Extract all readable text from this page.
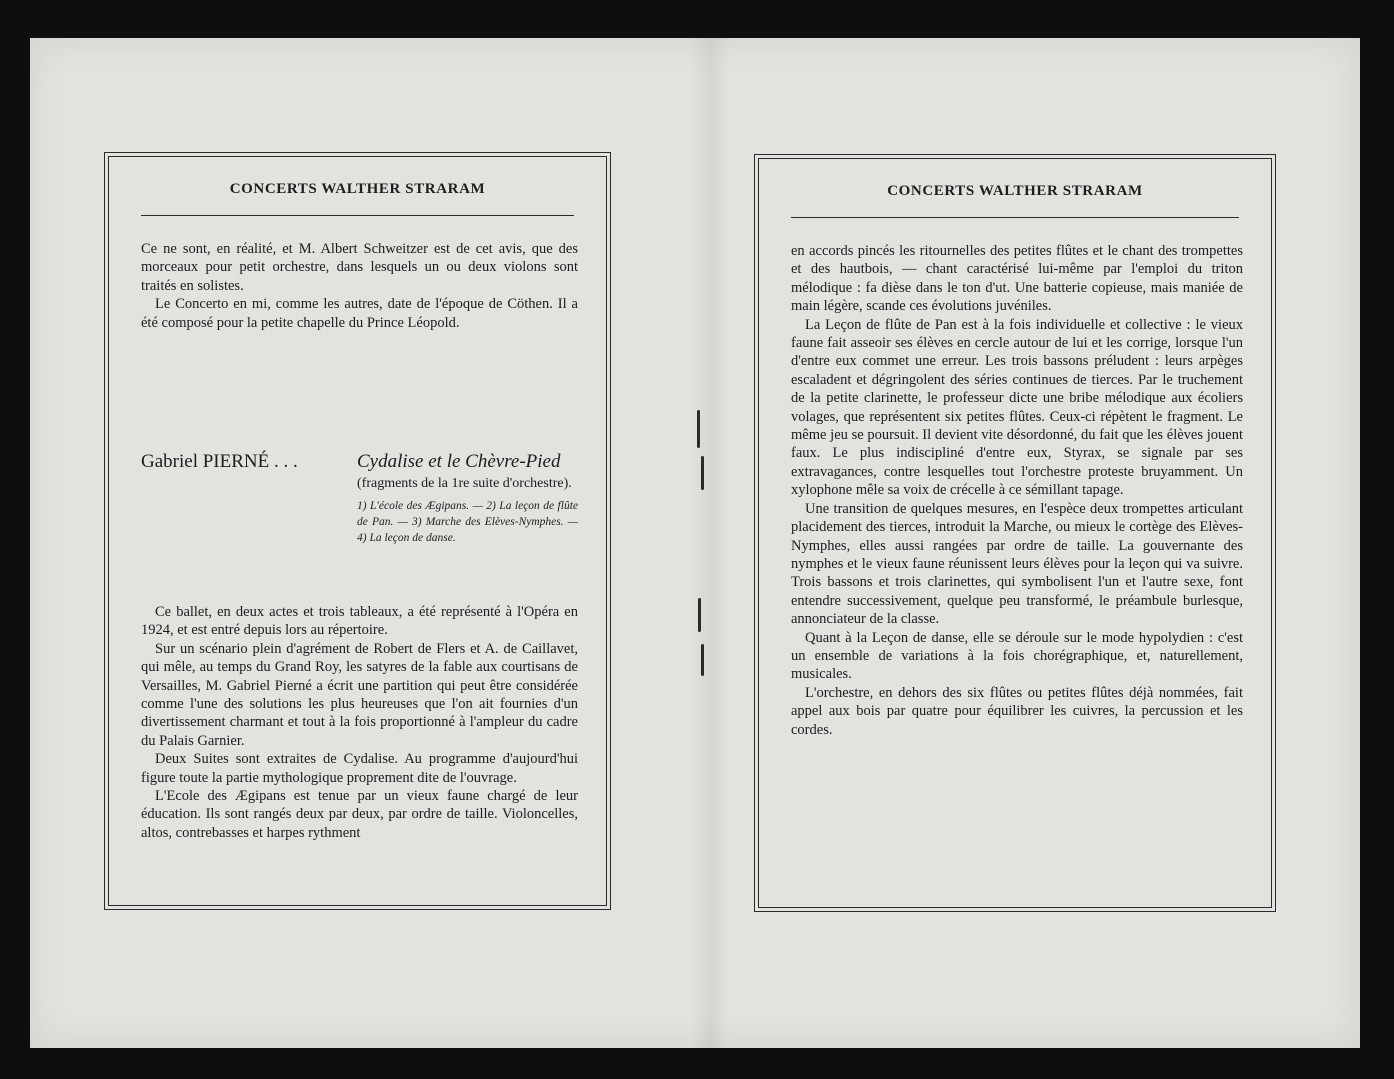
CONCERTS WALTHER STRARAM

Ce ne sont, en réalité, et M. Albert Schweitzer est de cet avis, que des morceaux pour petit orchestre, dans lesquels un ou deux violons sont traités en solistes.

Le Concerto en mi, comme les autres, date de l'époque de Cöthen. Il a été composé pour la petite chapelle du Prince Léopold.

Gabriel PIERNÉ . . .	Cydalise et le Chèvre-Pied
(fragments de la 1re suite d'orchestre).
1) L'école des Ægipans. — 2) La leçon de flûte de Pan. — 3) Marche des Elèves-Nymphes. — 4) La leçon de danse.

Ce ballet, en deux actes et trois tableaux, a été représenté à l'Opéra en 1924, et est entré depuis lors au répertoire.

Sur un scénario plein d'agrément de Robert de Flers et A. de Caillavet, qui mêle, au temps du Grand Roy, les satyres de la fable aux courtisans de Versailles, M. Gabriel Pierné a écrit une partition qui peut être considérée comme l'une des solutions les plus heureuses que l'on ait fournies d'un divertissement charmant et tout à la fois proportionné à l'ampleur du cadre du Palais Garnier.

Deux Suites sont extraites de Cydalise. Au programme d'aujourd'hui figure toute la partie mythologique proprement dite de l'ouvrage.

L'Ecole des Ægipans est tenue par un vieux faune chargé de leur éducation. Ils sont rangés deux par deux, par ordre de taille. Violoncelles, altos, contrebasses et harpes rythment

CONCERTS WALTHER STRARAM

en accords pincés les ritournelles des petites flûtes et le chant des trompettes et des hautbois, — chant caractérisé lui-même par l'emploi du triton mélodique : fa dièse dans le ton d'ut. Une batterie copieuse, mais maniée de main légère, scande ces évolutions juvéniles.

La Leçon de flûte de Pan est à la fois individuelle et collective : le vieux faune fait asseoir ses élèves en cercle autour de lui et les corrige, lorsque l'un d'entre eux commet une erreur. Les trois bassons préludent : leurs arpèges escaladent et dégringolent des séries continues de tierces. Par le truchement de la petite clarinette, le professeur dicte une bribe mélodique aux écoliers volages, que représentent six petites flûtes. Ceux-ci répètent le fragment. Le même jeu se poursuit. Il devient vite désordonné, du fait que les élèves jouent faux. Le plus indiscipliné d'entre eux, Styrax, se signale par ses extravagances, contre lesquelles tout l'orchestre proteste bruyamment. Un xylophone mêle sa voix de crécelle à ce sémillant tapage.

Une transition de quelques mesures, en l'espèce deux trompettes articulant placidement des tierces, introduit la Marche, ou mieux le cortège des Elèves-Nymphes, elles aussi rangées par ordre de taille. La gouvernante des nymphes et le vieux faune réunissent leurs élèves pour la leçon qui va suivre. Trois bassons et trois clarinettes, qui symbolisent l'un et l'autre sexe, font entendre successivement, quelque peu transformé, le préambule burlesque, annonciateur de la classe.

Quant à la Leçon de danse, elle se déroule sur le mode hypolydien : c'est un ensemble de variations à la fois chorégraphique, et, naturellement, musicales.

L'orchestre, en dehors des six flûtes ou petites flûtes déjà nommées, fait appel aux bois par quatre pour équilibrer les cuivres, la percussion et les cordes.
